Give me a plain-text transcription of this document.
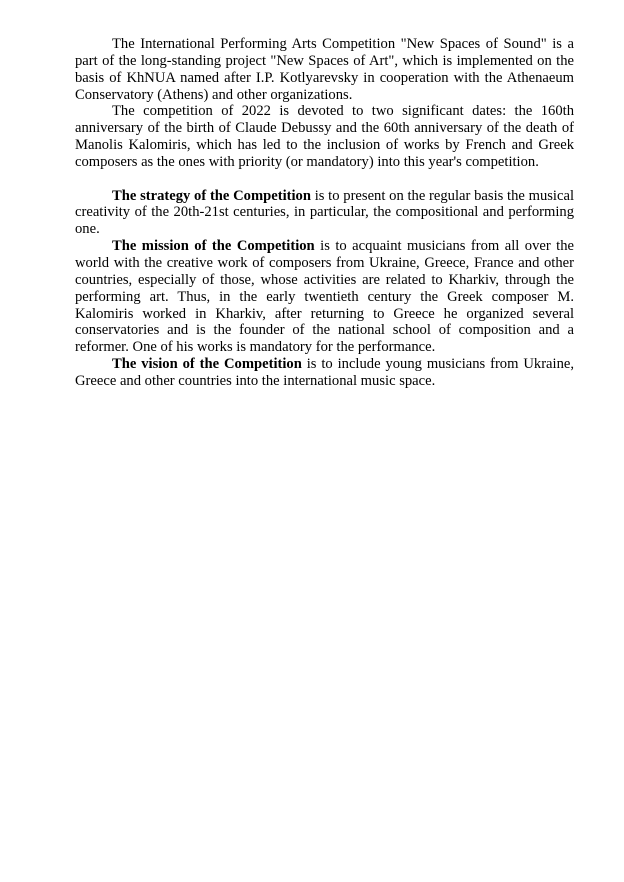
The International Performing Arts Competition "New Spaces of Sound" is a part of the long-standing project "New Spaces of Art", which is implemented on the basis of KhNUA named after I.P. Kotlyarevsky in cooperation with the Athenaeum Conservatory (Athens) and other organizations.

The competition of 2022 is devoted to two significant dates: the 160th anniversary of the birth of Claude Debussy and the 60th anniversary of the death of Manolis Kalomiris, which has led to the inclusion of works by French and Greek composers as the ones with priority (or mandatory) into this year's competition.

The strategy of the Competition is to present on the regular basis the musical creativity of the 20th-21st centuries, in particular, the compositional and performing one.

The mission of the Competition is to acquaint musicians from all over the world with the creative work of composers from Ukraine, Greece, France and other countries, especially of those, whose activities are related to Kharkiv, through the performing art. Thus, in the early twentieth century the Greek composer M. Kalomiris worked in Kharkiv, after returning to Greece he organized several conservatories and is the founder of the national school of composition and a reformer. One of his works is mandatory for the performance.

The vision of the Competition is to include young musicians from Ukraine, Greece and other countries into the international music space.
